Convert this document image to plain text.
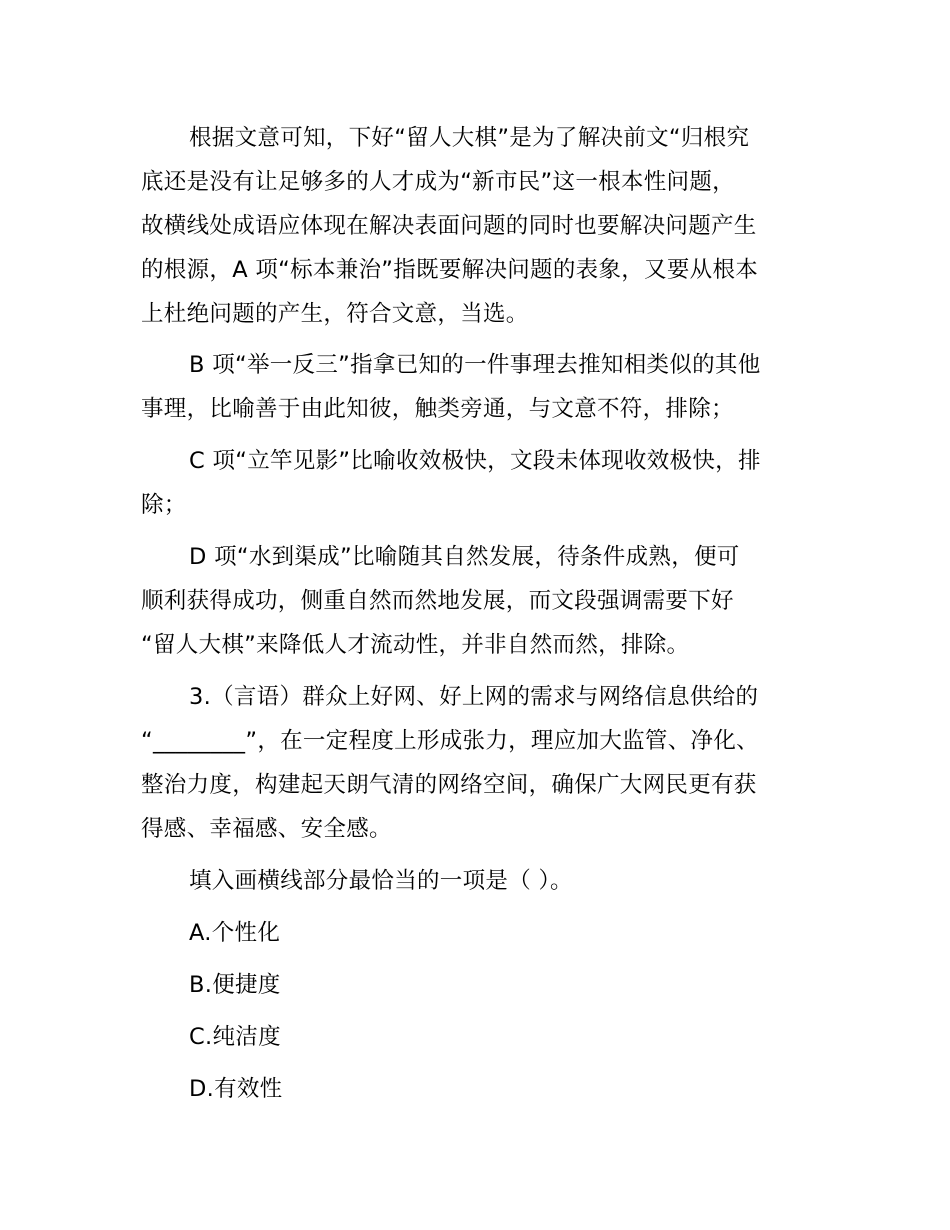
根据文意可知，下好“留人大棋”是为了解决前文“归根究
底还是没有让足够多的人才成为“新市民”这一根本性问题，
故横线处成语应体现在解决表面问题的同时也要解决问题产生
的根源，A 项“标本兼治”指既要解决问题的表象，又要从根本
上杜绝问题的产生，符合文意，当选。
B 项“举一反三”指拿已知的一件事理去推知相类似的其他
事理，比喻善于由此知彼，触类旁通，与文意不符，排除；
C 项“立竿见影”比喻收效极快，文段未体现收效极快，排
除；
D 项“水到渠成”比喻随其自然发展，待条件成熟，便可
顺利获得成功，侧重自然而然地发展，而文段强调需要下好
“留人大棋”来降低人才流动性，并非自然而然，排除。
3.（言语）群众上好网、好上网的需求与网络信息供给的
“________”，在一定程度上形成张力，理应加大监管、净化、
整治力度，构建起天朗气清的网络空间，确保广大网民更有获
得感、幸福感、安全感。
填入画横线部分最恰当的一项是（ ）。
A.个性化
B.便捷度
C.纯洁度
D.有效性
